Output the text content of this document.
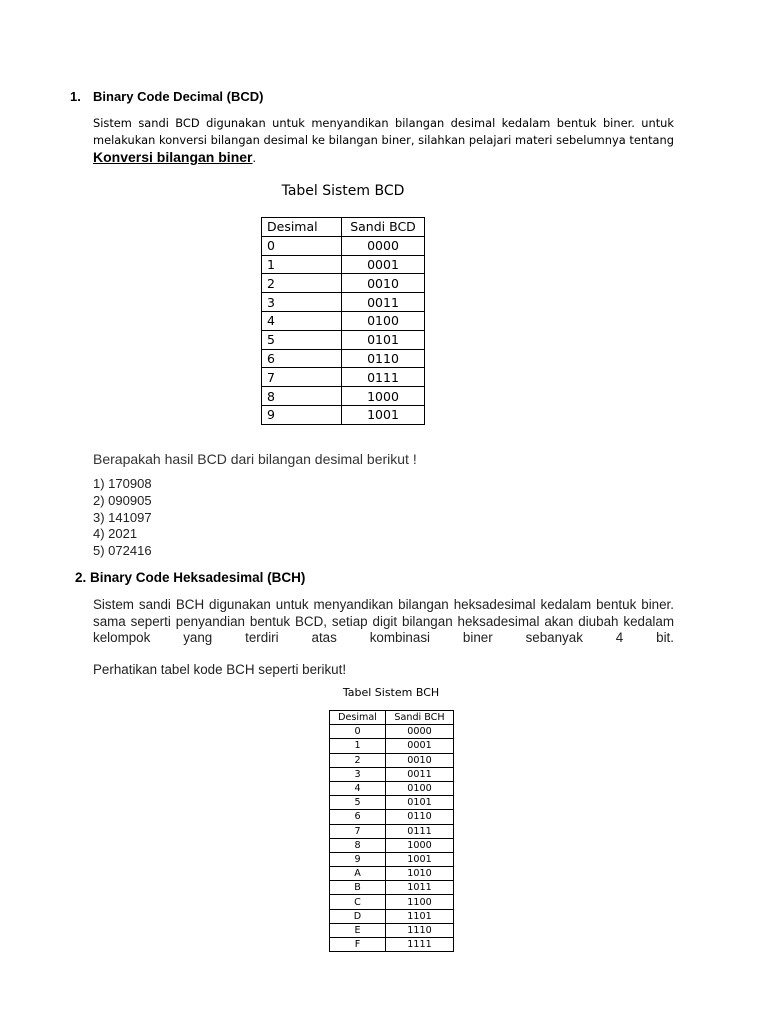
1. Binary Code Decimal (BCD)
Sistem sandi BCD digunakan untuk menyandikan bilangan desimal kedalam bentuk biner. untuk melakukan konversi bilangan desimal ke bilangan biner, silahkan pelajari materi sebelumnya tentang Konversi bilangan biner.
Tabel Sistem BCD
Desimal	Sandi BCD
0	0000
1	0001
2	0010
3	0011
4	0100
5	0101
6	0110
7	0111
8	1000
9	1001
Berapakah hasil BCD dari bilangan desimal berikut !
1) 170908
2) 090905
3) 141097
4) 2021
5) 072416
2. Binary Code Heksadesimal (BCH)
Sistem sandi BCH digunakan untuk menyandikan bilangan heksadesimal kedalam bentuk biner. sama seperti penyandian bentuk BCD, setiap digit bilangan heksadesimal akan diubah kedalam kelompok yang terdiri atas kombinasi biner sebanyak 4 bit.
Perhatikan tabel kode BCH seperti berikut!
Tabel Sistem BCH
Desimal	Sandi BCH
0	0000
1	0001
2	0010
3	0011
4	0100
5	0101
6	0110
7	0111
8	1000
9	1001
A	1010
B	1011
C	1100
D	1101
E	1110
F	1111
